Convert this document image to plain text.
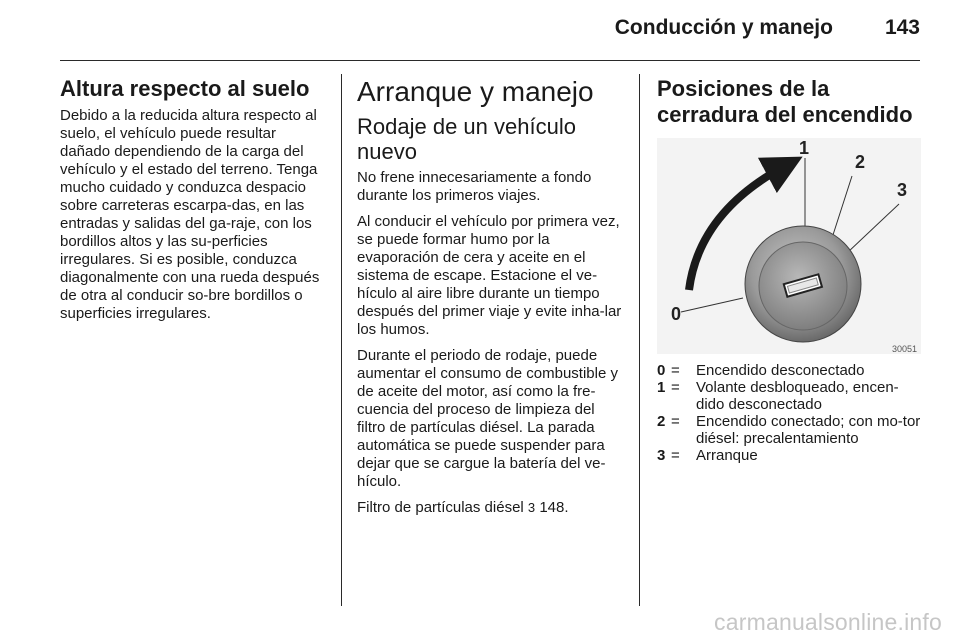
Conducción y manejo 143
Altura respecto al suelo

Debido a la reducida altura respecto al suelo, el vehículo puede resultar dañado dependiendo de la carga del vehículo y el estado del terreno. Tenga mucho cuidado y conduzca despacio sobre carreteras escarpa-das, en las entradas y salidas del ga-raje, con los bordillos altos y las su-perficies irregulares. Si es posible, conduzca diagonalmente con una rueda después de otra al conducir so-bre bordillos o superficies irregulares.

Arranque y manejo
Rodaje de un vehículo nuevo

No frene innecesariamente a fondo durante los primeros viajes.

Al conducir el vehículo por primera vez, se puede formar humo por la evaporación de cera y aceite en el sistema de escape. Estacione el ve-hículo al aire libre durante un tiempo después del primer viaje y evite inha-lar los humos.

Durante el periodo de rodaje, puede aumentar el consumo de combustible y de aceite del motor, así como la fre-cuencia del proceso de limpieza del filtro de partículas diésel. La parada automática se puede suspender para dejar que se cargue la batería del ve-hículo.

Filtro de partículas diésel 3 148.

Posiciones de la cerradura del encendido
0
1
2
3
30051
0 =	Encendido desconectado
1 =	Volante desbloqueado, encen-dido desconectado
2 =	Encendido conectado; con mo-tor diésel: precalentamiento
3 =	Arranque
carmanualsonline.info
